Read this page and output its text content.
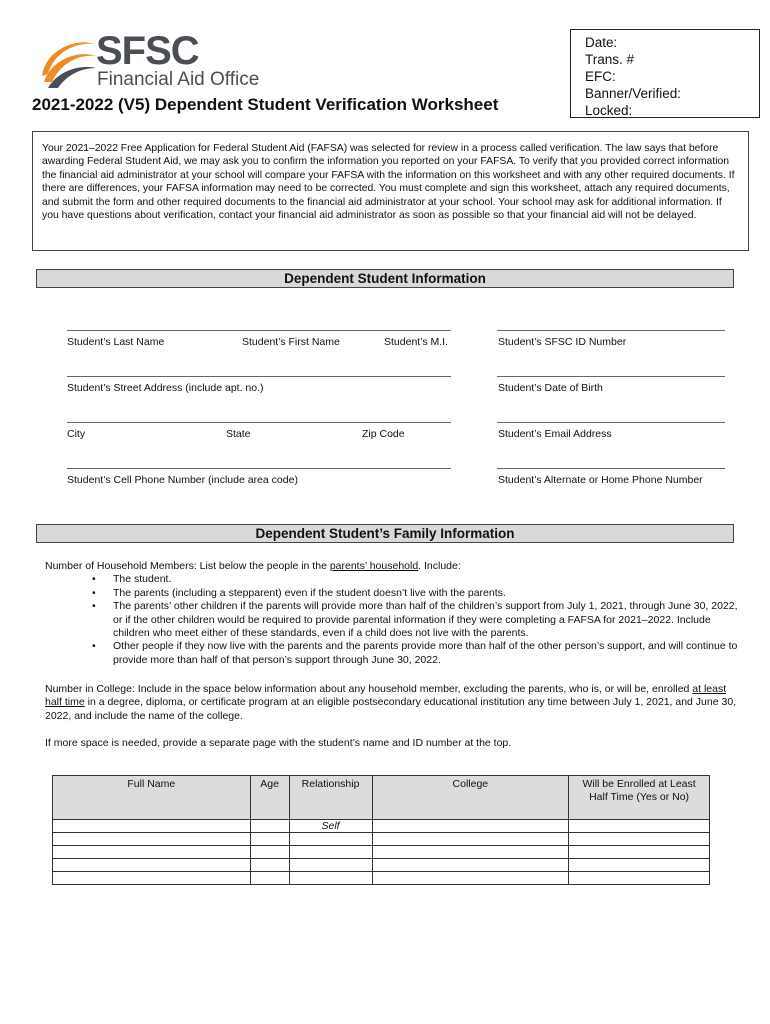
SFSC
Financial Aid Office
2021-2022 (V5) Dependent Student Verification Worksheet
Date:
Trans. #
EFC:
Banner/Verified:
Locked:
Your 2021–2022 Free Application for Federal Student Aid (FAFSA) was selected for review in a process called verification. The law says that before awarding Federal Student Aid, we may ask you to confirm the information you reported on your FAFSA. To verify that you provided correct information the financial aid administrator at your school will compare your FAFSA with the information on this worksheet and with any other required documents. If there are differences, your FAFSA information may need to be corrected. You must complete and sign this worksheet, attach any required documents, and submit the form and other required documents to the financial aid administrator at your school. Your school may ask for additional information. If you have questions about verification, contact your financial aid administrator as soon as possible so that your financial aid will not be delayed.
Dependent Student Information
Student’s Last Name	Student’s First Name	Student’s M.I.	Student’s SFSC ID Number
Student’s Street Address (include apt. no.)	Student’s Date of Birth
City	State	Zip Code	Student’s Email Address
Student’s Cell Phone Number (include area code)	Student’s Alternate or Home Phone Number
Dependent Student’s Family Information
Number of Household Members: List below the people in the parents’ household. Include:
• The student.
• The parents (including a stepparent) even if the student doesn’t live with the parents.
• The parents’ other children if the parents will provide more than half of the children’s support from July 1, 2021, through June 30, 2022, or if the other children would be required to provide parental information if they were completing a FAFSA for 2021–2022. Include children who meet either of these standards, even if a child does not live with the parents.
• Other people if they now live with the parents and the parents provide more than half of the other person’s support, and will continue to provide more than half of that person’s support through June 30, 2022.
Number in College: Include in the space below information about any household member, excluding the parents, who is, or will be, enrolled at least half time in a degree, diploma, or certificate program at an eligible postsecondary educational institution any time between July 1, 2021, and June 30, 2022, and include the name of the college.
If more space is needed, provide a separate page with the student’s name and ID number at the top.
Full Name	Age	Relationship	College	Will be Enrolled at Least Half Time (Yes or No)
		Self		
